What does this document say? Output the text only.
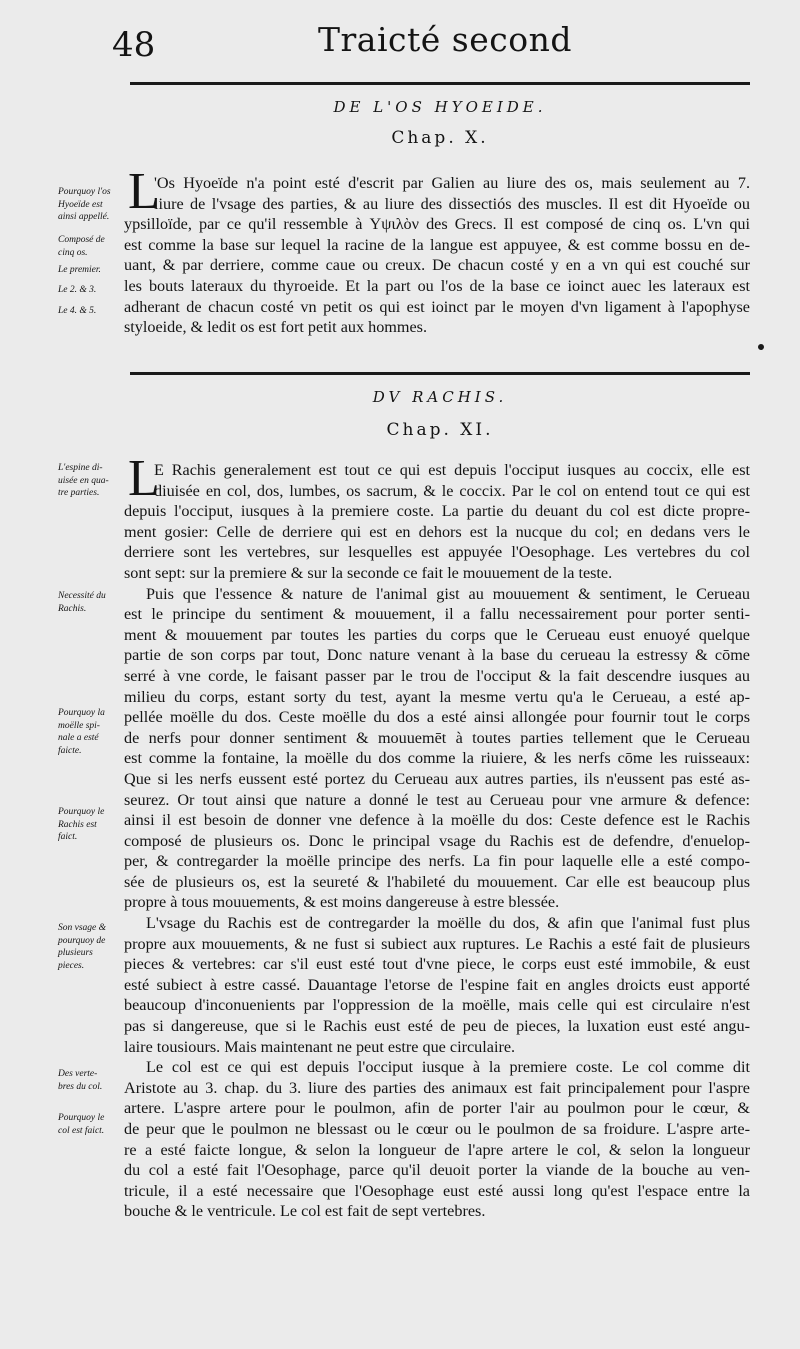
48	Traicté second
DE L'OS HYOEIDE.
Chap. X.
L
'Os Hyoeïde n'a point esté d'escrit par Galien au liure des os, mais seulement au 7.
liure de l'vsage des parties, & au liure des dissectiós des muscles. Il est dit Hyoeïde ou
ypsilloïde, par ce qu'il ressemble à Υψιλὸν des Grecs. Il est composé de cinq os. L'vn qui
est comme la base sur lequel la racine de la langue est appuyee, & est comme bossu en de-
uant, & par derriere, comme caue ou creux. De chacun costé y en a vn qui est couché sur
les bouts lateraux du thyroeide. Et la part ou l'os de la base ce ioinct auec les lateraux est
adherant de chacun costé vn petit os qui est ioinct par le moyen d'vn ligament à l'apophyse
styloeide, & ledit os est fort petit aux hommes.
Pourquoy l'os
Hyoeïde est
ainsi appellé.
Composé de
cinq os.
Le premier.
Le 2. & 3.
Le 4. & 5.
DV RACHIS.
Chap. XI.
L
E Rachis generalement est tout ce qui est depuis l'occiput iusques au coccix, elle est
diuisée en col, dos, lumbes, os sacrum, & le coccix. Par le col on entend tout ce qui est
depuis l'occiput, iusques à la premiere coste. La partie du deuant du col est dicte propre-
ment gosier: Celle de derriere qui est en dehors est la nucque du col; en dedans vers le
derriere sont les vertebres, sur lesquelles est appuyée l'Oesophage. Les vertebres du col
sont sept: sur la premiere & sur la seconde ce fait le mouuement de la teste.
Puis que l'essence & nature de l'animal gist au mouuement & sentiment, le Cerueau
est le principe du sentiment & mouuement, il a fallu necessairement pour porter senti-
ment & mouuement par toutes les parties du corps que le Cerueau eust enuoyé quelque
partie de son corps par tout, Donc nature venant à la base du cerueau la estressy & cōme
serré à vne corde, le faisant passer par le trou de l'occiput & la fait descendre iusques au
milieu du corps, estant sorty du test, ayant la mesme vertu qu'a le Cerueau, a esté ap-
pellée moëlle du dos. Ceste moëlle du dos a esté ainsi allongée pour fournir tout le corps
de nerfs pour donner sentiment & mouuemēt à toutes parties tellement que le Cerueau
est comme la fontaine, la moëlle du dos comme la riuiere, & les nerfs cōme les ruisseaux:
Que si les nerfs eussent esté portez du Cerueau aux autres parties, ils n'eussent pas esté as-
seurez. Or tout ainsi que nature a donné le test au Cerueau pour vne armure & defence:
ainsi il est besoin de donner vne defence à la moëlle du dos: Ceste defence est le Rachis
composé de plusieurs os. Donc le principal vsage du Rachis est de defendre, d'enuelop-
per, & contregarder la moëlle principe des nerfs. La fin pour laquelle elle a esté compo-
sée de plusieurs os, est la seureté & l'habileté du mouuement. Car elle est beaucoup plus
propre à tous mouuements, & est moins dangereuse à estre blessée.
L'vsage du Rachis est de contregarder la moëlle du dos, & afin que l'animal fust plus
propre aux mouuements, & ne fust si subiect aux ruptures. Le Rachis a esté fait de plusieurs
pieces & vertebres: car s'il eust esté tout d'vne piece, le corps eust esté immobile, & eust
esté subiect à estre cassé. Dauantage l'etorse de l'espine fait en angles droicts eust apporté
beaucoup d'inconuenients par l'oppression de la moëlle, mais celle qui est circulaire n'est
pas si dangereuse, que si le Rachis eust esté de peu de pieces, la luxation eust esté angu-
laire tousiours. Mais maintenant ne peut estre que circulaire.
Le col est ce qui est depuis l'occiput iusque à la premiere coste. Le col comme dit
Aristote au 3. chap. du 3. liure des parties des animaux est fait principalement pour l'aspre
artere. L'aspre artere pour le poulmon, afin de porter l'air au poulmon pour le cœur, &
de peur que le poulmon ne blessast ou le cœur ou le poulmon de sa froidure. L'aspre arte-
re a esté faicte longue, & selon la longueur de l'apre artere le col, & selon la longueur
du col a esté fait l'Oesophage, parce qu'il deuoit porter la viande de la bouche au ven-
tricule, il a esté necessaire que l'Oesophage eust esté aussi long qu'est l'espace entre la
bouche & le ventricule. Le col est fait de sept vertebres.
L'espine di-
uisée en qua-
tre parties.
Necessité du
Rachis.
Pourquoy la
moëlle spi-
nale a esté
faicte.
Pourquoy le
Rachis est
faict.
Son vsage &
pourquoy de
plusieurs
pieces.
Des verte-
bres du col.
Pourquoy le
col est faict.
